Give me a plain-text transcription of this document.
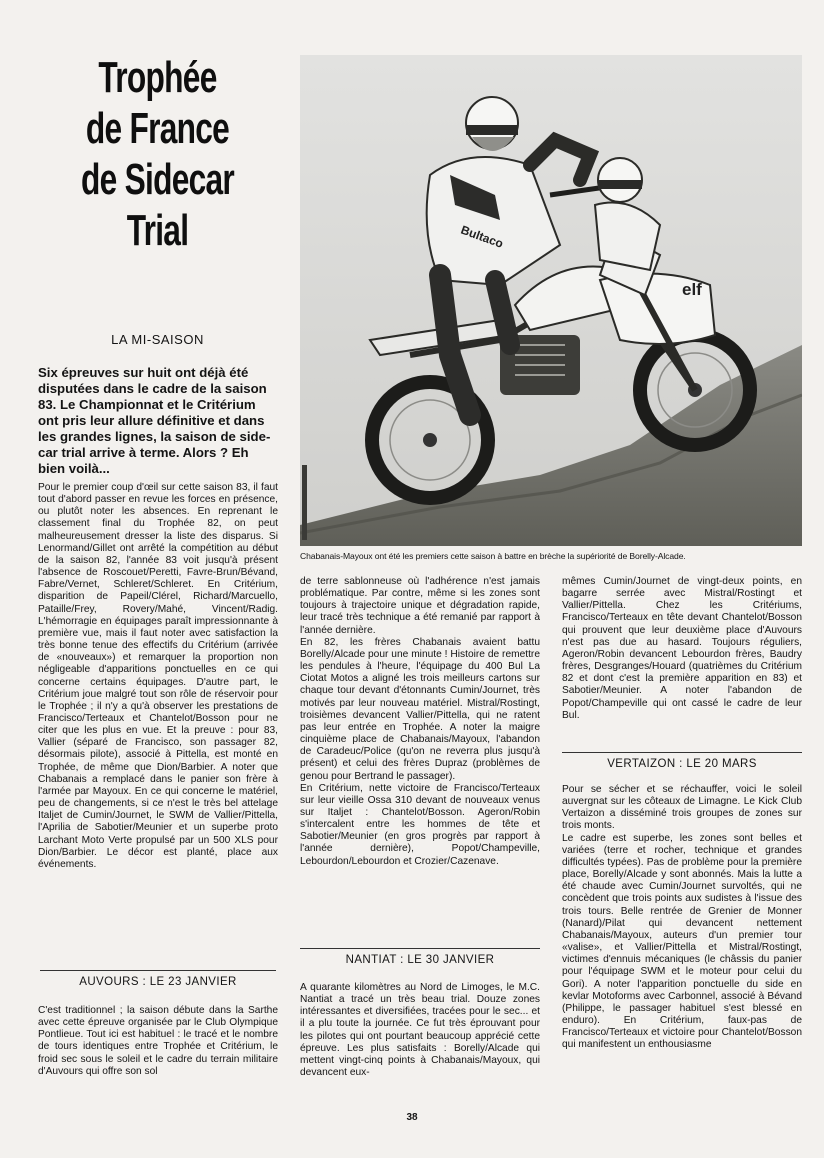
Trophée
de France
de Sidecar
Trial
LA MI-SAISON
Six épreuves sur huit ont déjà été disputées dans le cadre de la saison 83. Le Championnat et le Critérium ont pris leur allure définitive et dans les grandes lignes, la saison de side-car trial arrive à terme. Alors ? Eh bien voilà...

Pour le premier coup d'œil sur cette saison 83, il faut tout d'abord passer en revue les forces en présence, ou plutôt noter les absences. En reprenant le classement final du Trophée 82, on peut malheureusement dresser la liste des disparus. Si Lenormand/Gillet ont arrêté la compétition au début de la saison 82, l'année 83 voit jusqu'à présent l'absence de Roscouet/Peretti, Favre-Brun/Bévand, Fabre/Vernet, Schleret/Schleret. En Critérium, disparition de Papeil/Clérel, Richard/Marcuello, Pataille/Frey, Rovery/Mahé, Vincent/Radig. L'hémorragie en équipages paraît impressionnante à première vue, mais il faut noter avec satisfaction la très bonne tenue des effectifs du Critérium (arrivée de «nouveaux») et remarquer la proportion non négligeable d'apparitions ponctuelles en ce qui concerne certains équipages. D'autre part, le Critérium joue malgré tout son rôle de réservoir pour le Trophée ; il n'y a qu'à observer les prestations de Francisco/Terteaux et Chantelot/Bosson pour ne citer que les plus en vue. Et la preuve : pour 83, Vallier (séparé de Francisco, son passager 82, désormais pilote), associé à Pittella, est monté en Trophée, de même que Dion/Barbier. A noter que Chabanais a remplacé dans le panier son frère à l'armée par Mayoux. En ce qui concerne le matériel, peu de changements, si ce n'est le très bel attelage Italjet de Cumin/Journet, le SWM de Vallier/Pittella, l'Aprilia de Sabotier/Meunier et un superbe proto Larchant Moto Verte propulsé par un 500 XLS pour Dion/Barbier. Le décor est planté, place aux événements.

AUVOURS : LE 23 JANVIER

C'est traditionnel ; la saison débute dans la Sarthe avec cette épreuve organisée par le Club Olympique Pontlieue. Tout ici est habituel : le tracé et le nombre de tours identiques entre Trophée et Critérium, le froid sec sous le soleil et le cadre du terrain militaire d'Auvours qui offre son sol

elf
Bultaco
Chabanais-Mayoux ont été les premiers cette saison à battre en brèche la supériorité de Borelly-Alcade.

de terre sablonneuse où l'adhérence n'est jamais problématique. Par contre, même si les zones sont toujours à trajectoire unique et dégradation rapide, leur tracé très technique a été remanié par rapport à l'année dernière.

En 82, les frères Chabanais avaient battu Borelly/Alcade pour une minute ! Histoire de remettre les pendules à l'heure, l'équipage du 400 Bul La Ciotat Motos a aligné les trois meilleurs cartons sur chaque tour devant d'étonnants Cumin/Journet, très motivés par leur nouveau matériel. Mistral/Rostingt, troisièmes devancent Vallier/Pittella, qui ne ratent pas leur entrée en Trophée. A noter la maigre cinquième place de Chabanais/Mayoux, l'abandon de Caradeuc/Police (qu'on ne reverra plus jusqu'à présent) et celui des frères Dupraz (problèmes de genou pour Bertrand le passager).

En Critérium, nette victoire de Francisco/Terteaux sur leur vieille Ossa 310 devant de nouveaux venus sur Italjet : Chantelot/Bosson. Ageron/Robin s'intercalent entre les hommes de tête et Sabotier/Meunier (en gros progrès par rapport à l'année dernière), Popot/Champeville, Lebourdon/Lebourdon et Crozier/Cazenave.

NANTIAT : LE 30 JANVIER

A quarante kilomètres au Nord de Limoges, le M.C. Nantiat a tracé un très beau trial. Douze zones intéressantes et diversifiées, tracées pour le sec... et il a plu toute la journée. Ce fut très éprouvant pour les pilotes qui ont pourtant beaucoup apprécié cette épreuve. Les plus satisfaits : Borelly/Alcade qui mettent vingt-cinq points à Chabanais/Mayoux, qui devancent eux-

mêmes Cumin/Journet de vingt-deux points, en bagarre serrée avec Mistral/Rostingt et Vallier/Pittella. Chez les Critériums, Francisco/Terteaux en tête devant Chantelot/Bosson qui prouvent que leur deuxième place d'Auvours n'est pas due au hasard. Toujours réguliers, Ageron/Robin devancent Lebourdon frères, Baudry frères, Desgranges/Houard (quatrièmes du Critérium 82 et dont c'est la première apparition en 83) et Sabotier/Meunier. A noter l'abandon de Popot/Champeville qui ont cassé le cadre de leur Bul.

VERTAIZON : LE 20 MARS

Pour se sécher et se réchauffer, voici le soleil auvergnat sur les côteaux de Limagne. Le Kick Club Vertaizon a disséminé trois groupes de zones sur trois monts.

Le cadre est superbe, les zones sont belles et variées (terre et rocher, technique et grandes difficultés typées). Pas de problème pour la première place, Borelly/Alcade y sont abonnés. Mais la lutte a été chaude avec Cumin/Journet survoltés, qui ne concèdent que trois points aux sudistes à l'issue des trois tours. Belle rentrée de Grenier de Monner (Nanard)/Pilat qui devancent nettement Chabanais/Mayoux, auteurs d'un premier tour «valise», et Vallier/Pittella et Mistral/Rostingt, victimes d'ennuis mécaniques (le châssis du panier pour l'équipage SWM et le moteur pour celui du Gori). A noter l'apparition ponctuelle du side en kevlar Motoforms avec Carbonnel, associé à Bévand (Philippe, le passager habituel s'est blessé en enduro). En Critérium, faux-pas de Francisco/Terteaux et victoire pour Chantelot/Bosson qui manifestent un enthousiasme

38
